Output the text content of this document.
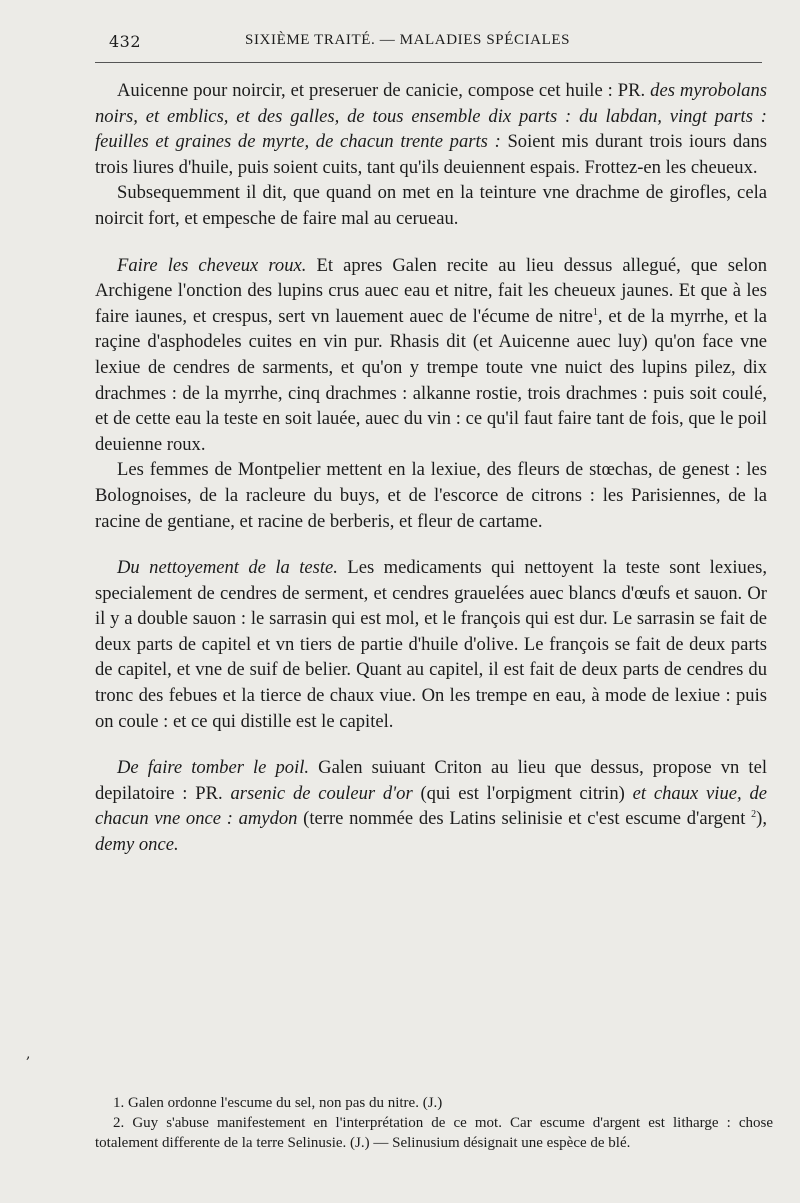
432	SIXIÈME TRAITÉ. — MALADIES SPÉCIALES

Auicenne pour noircir, et preseruer de canicie, compose cet huile : PR. des myrobolans noirs, et emblics, et des galles, de tous ensemble dix parts : du labdan, vingt parts : feuilles et graines de myrte, de chacun trente parts : Soient mis durant trois iours dans trois liures d'huile, puis soient cuits, tant qu'ils deuiennent espais. Frottez-en les cheueux.

Subsequemment il dit, que quand on met en la teinture vne drachme de girofles, cela noircit fort, et empesche de faire mal au cerueau.

Faire les cheveux roux. Et apres Galen recite au lieu dessus allegué, que selon Archigene l'onction des lupins crus auec eau et nitre, fait les cheueux jaunes. Et que à les faire iaunes, et crespus, sert vn lauement auec de l'écume de nitre$^1$, et de la myrrhe, et la raçine d'asphodeles cuites en vin pur. Rhasis dit (et Auicenne auec luy) qu'on face vne lexiue de cendres de sarments, et qu'on y trempe toute vne nuict des lupins pilez, dix drachmes : de la myrrhe, cinq drachmes : alkanne rostie, trois drachmes : puis soit coulé, et de cette eau la teste en soit lauée, auec du vin : ce qu'il faut faire tant de fois, que le poil deuienne roux.

Les femmes de Montpelier mettent en la lexiue, des fleurs de stœchas, de genest : les Bolognoises, de la racleure du buys, et de l'escorce de citrons : les Parisiennes, de la racine de gentiane, et racine de berberis, et fleur de cartame.

Du nettoyement de la teste. Les medicaments qui nettoyent la teste sont lexiues, specialement de cendres de serment, et cendres grauelées auec blancs d'œufs et sauon. Or il y a double sauon : le sarrasin qui est mol, et le françois qui est dur. Le sarrasin se fait de deux parts de capitel et vn tiers de partie d'huile d'olive. Le françois se fait de deux parts de capitel, et vne de suif de belier. Quant au capitel, il est fait de deux parts de cendres du tronc des febues et la tierce de chaux viue. On les trempe en eau, à mode de lexiue : puis on coule : et ce qui distille est le capitel.

De faire tomber le poil. Galen suiuant Criton au lieu que dessus, propose vn tel depilatoire : PR. arsenic de couleur d'or (qui est l'orpigment citrin) et chaux viue, de chacun vne once : amydon (terre nommée des Latins selinisie et c'est escume d'argent $^2$), demy once.

,

1. Galen ordonne l'escume du sel, non pas du nitre. (J.)

2. Guy s'abuse manifestement en l'interprétation de ce mot. Car escume d'argent est litharge : chose totalement differente de la terre Selinusie. (J.) — Selinusium désignait une espèce de blé.
